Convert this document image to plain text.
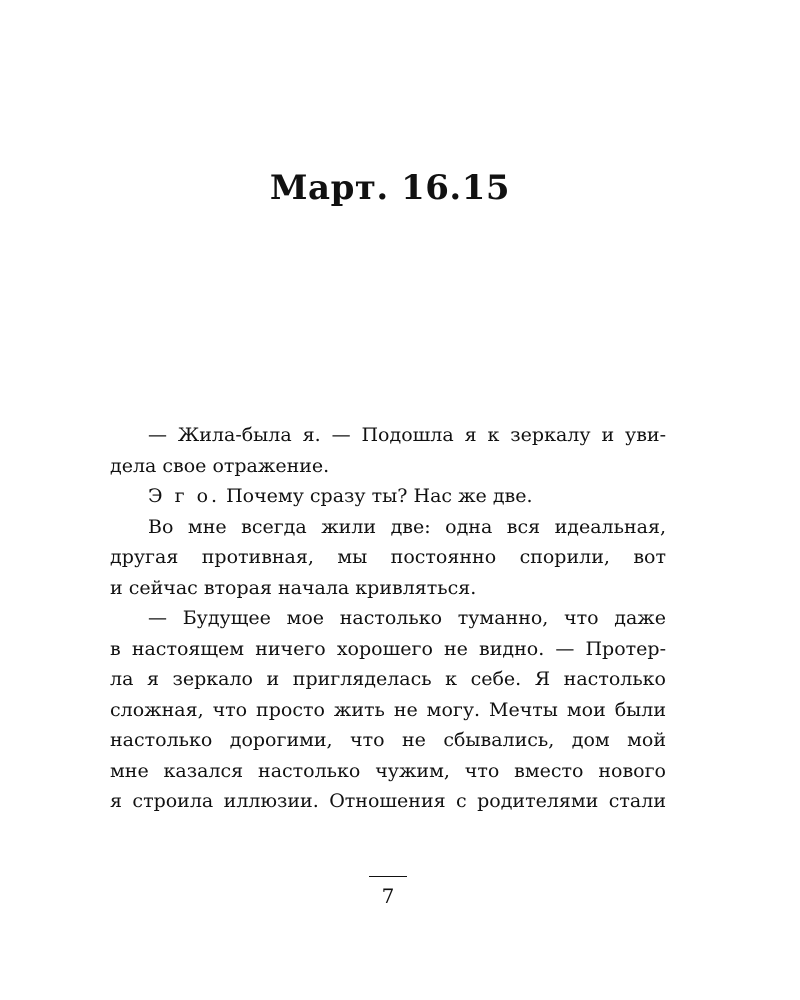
Март. 16.15
— Жила-была я. — Подошла я к зеркалу и уви-
дела свое отражение.
Э г о. Почему сразу ты? Нас же две.
Во мне всегда жили две: одна вся идеальная,
другая противная, мы постоянно спорили, вот
и сейчас вторая начала кривляться.
— Будущее мое настолько туманно, что даже
в настоящем ничего хорошего не видно. — Протер-
ла я зеркало и пригляделась к себе. Я настолько
сложная, что просто жить не могу. Мечты мои были
настолько дорогими, что не сбывались, дом мой
мне казался настолько чужим, что вместо нового
я строила иллюзии. Отношения с родителями стали
7
